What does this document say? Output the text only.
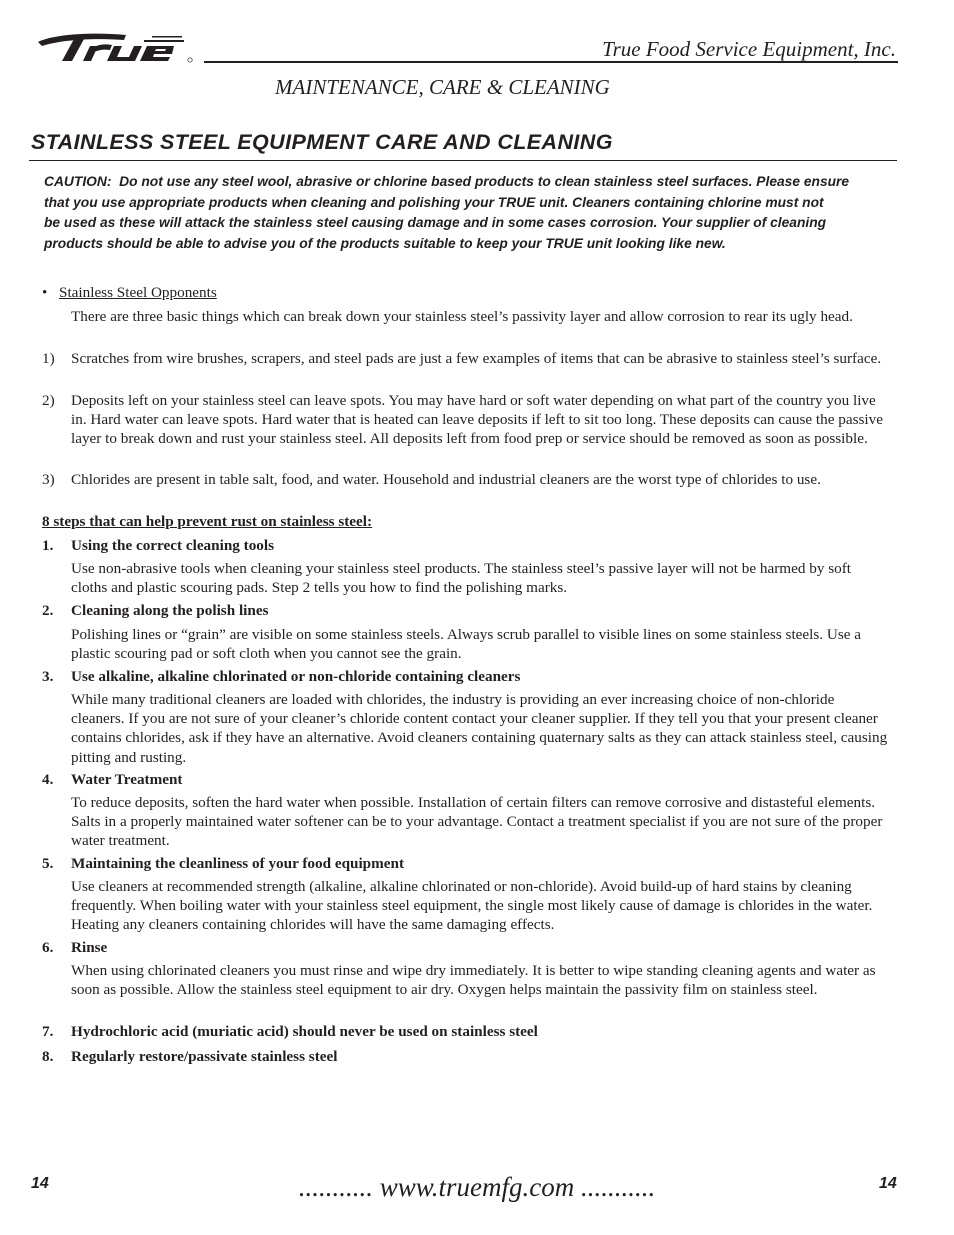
True Food Service Equipment, Inc.
MAINTENANCE, CARE & CLEANING
STAINLESS STEEL EQUIPMENT CARE AND CLEANING
CAUTION: Do not use any steel wool, abrasive or chlorine based products to clean stainless steel surfaces. Please ensure
that you use appropriate products when cleaning and polishing your TRUE unit. Cleaners containing chlorine must not
be used as these will attack the stainless steel causing damage and in some cases corrosion. Your supplier of cleaning
products should be able to advise you of the products suitable to keep your TRUE unit looking like new.
• Stainless Steel Opponents
There are three basic things which can break down your stainless steel’s passivity layer and allow corrosion to rear its ugly head.
1) Scratches from wire brushes, scrapers, and steel pads are just a few examples of items that can be abrasive to stainless steel’s surface.
2) Deposits left on your stainless steel can leave spots. You may have hard or soft water depending on what part of the country you live in. Hard water can leave spots. Hard water that is heated can leave deposits if left to sit too long. These deposits can cause the passive layer to break down and rust your stainless steel. All deposits left from food prep or service should be removed as soon as possible.
3) Chlorides are present in table salt, food, and water. Household and industrial cleaners are the worst type of chlorides to use.
8 steps that can help prevent rust on stainless steel:
1. Using the correct cleaning tools
Use non-abrasive tools when cleaning your stainless steel products. The stainless steel’s passive layer will not be harmed by soft cloths and plastic scouring pads. Step 2 tells you how to find the polishing marks.
2. Cleaning along the polish lines
Polishing lines or “grain” are visible on some stainless steels. Always scrub parallel to visible lines on some stainless steels. Use a plastic scouring pad or soft cloth when you cannot see the grain.
3. Use alkaline, alkaline chlorinated or non-chloride containing cleaners
While many traditional cleaners are loaded with chlorides, the industry is providing an ever increasing choice of non-chloride cleaners. If you are not sure of your cleaner’s chloride content contact your cleaner supplier. If they tell you that your present cleaner contains chlorides, ask if they have an alternative. Avoid cleaners containing quaternary salts as they can attack stainless steel, causing pitting and rusting.
4. Water Treatment
To reduce deposits, soften the hard water when possible. Installation of certain filters can remove corrosive and distasteful elements. Salts in a properly maintained water softener can be to your advantage. Contact a treatment specialist if you are not sure of the proper water treatment.
5. Maintaining the cleanliness of your food equipment
Use cleaners at recommended strength (alkaline, alkaline chlorinated or non-chloride). Avoid build-up of hard stains by cleaning frequently. When boiling water with your stainless steel equipment, the single most likely cause of damage is chlorides in the water. Heating any cleaners containing chlorides will have the same damaging effects.
6. Rinse
When using chlorinated cleaners you must rinse and wipe dry immediately. It is better to wipe standing cleaning agents and water as soon as possible. Allow the stainless steel equipment to air dry. Oxygen helps maintain the passivity film on stainless steel.
7. Hydrochloric acid (muriatic acid) should never be used on stainless steel
8. Regularly restore/passivate stainless steel
14	........... www.truemfg.com ...........	14
